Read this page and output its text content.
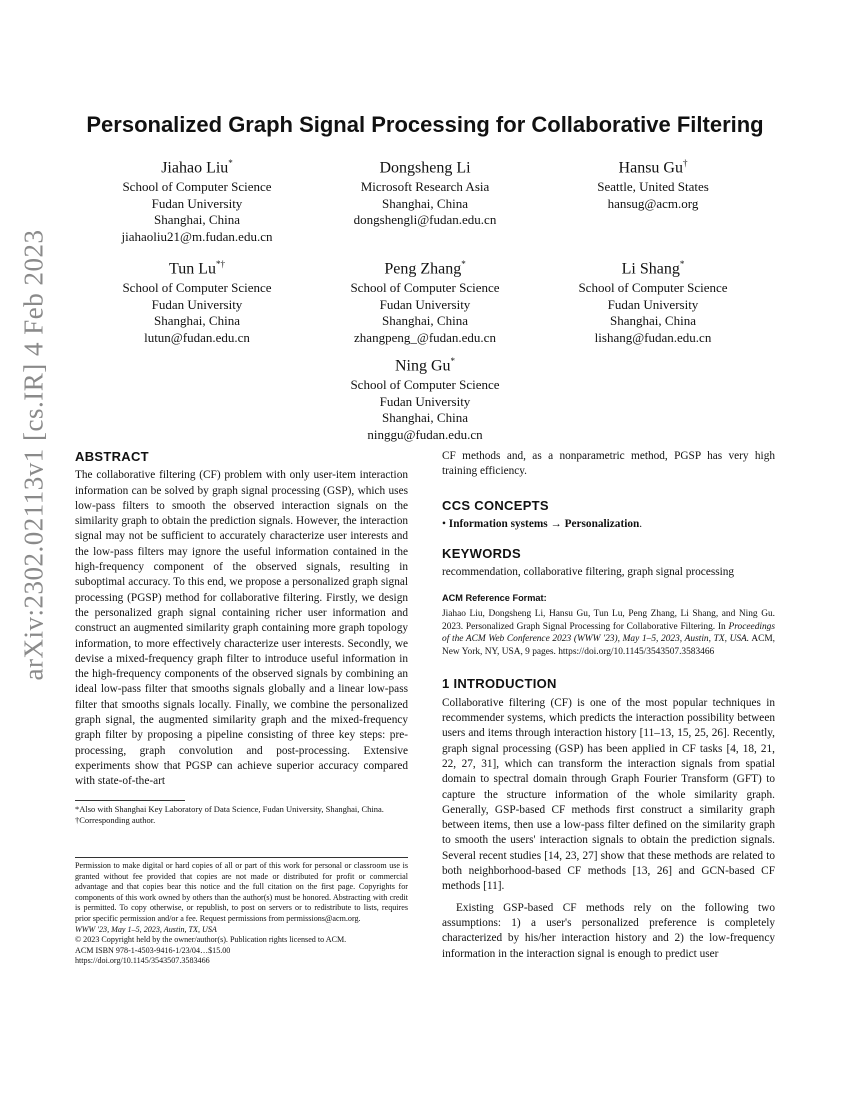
arXiv:2302.02113v1 [cs.IR] 4 Feb 2023
Personalized Graph Signal Processing for Collaborative Filtering
Jiahao Liu*
School of Computer Science
Fudan University
Shanghai, China
jiahaoliu21@m.fudan.edu.cn
Dongsheng Li
Microsoft Research Asia
Shanghai, China
dongshengli@fudan.edu.cn
Hansu Gu†
Seattle, United States
hansug@acm.org
Tun Lu*†
School of Computer Science
Fudan University
Shanghai, China
lutun@fudan.edu.cn
Peng Zhang*
School of Computer Science
Fudan University
Shanghai, China
zhangpeng_@fudan.edu.cn
Li Shang*
School of Computer Science
Fudan University
Shanghai, China
lishang@fudan.edu.cn
Ning Gu*
School of Computer Science
Fudan University
Shanghai, China
ninggu@fudan.edu.cn
ABSTRACT

The collaborative filtering (CF) problem with only user-item interaction information can be solved by graph signal processing (GSP), which uses low-pass filters to smooth the observed interaction signals on the similarity graph to obtain the prediction signals. However, the interaction signal may not be sufficient to accurately characterize user interests and the low-pass filters may ignore the useful information contained in the high-frequency component of the observed signals, resulting in suboptimal accuracy. To this end, we propose a personalized graph signal processing (PGSP) method for collaborative filtering. Firstly, we design the personalized graph signal containing richer user information and construct an augmented similarity graph containing more graph topology information, to more effectively characterize user interests. Secondly, we devise a mixed-frequency graph filter to introduce useful information in the high-frequency components of the observed signals by combining an ideal low-pass filter that smooths signals globally and a linear low-pass filter that smooths signals locally. Finally, we combine the personalized graph signal, the augmented similarity graph and the mixed-frequency graph filter by proposing a pipeline consisting of three key steps: pre-processing, graph convolution and post-processing. Extensive experiments show that PGSP can achieve superior accuracy compared with state-of-the-art

*Also with Shanghai Key Laboratory of Data Science, Fudan University, Shanghai, China.

†Corresponding author.

Permission to make digital or hard copies of all or part of this work for personal or classroom use is granted without fee provided that copies are not made or distributed for profit or commercial advantage and that copies bear this notice and the full citation on the first page. Copyrights for components of this work owned by others than the author(s) must be honored. Abstracting with credit is permitted. To copy otherwise, or republish, to post on servers or to redistribute to lists, requires prior specific permission and/or a fee. Request permissions from permissions@acm.org.

WWW '23, May 1–5, 2023, Austin, TX, USA

© 2023 Copyright held by the owner/author(s). Publication rights licensed to ACM.

ACM ISBN 978-1-4503-9416-1/23/04…$15.00

https://doi.org/10.1145/3543507.3583466

CF methods and, as a nonparametric method, PGSP has very high training efficiency.

CCS CONCEPTS

• Information systems → Personalization.

KEYWORDS

recommendation, collaborative filtering, graph signal processing

ACM Reference Format:

Jiahao Liu, Dongsheng Li, Hansu Gu, Tun Lu, Peng Zhang, Li Shang, and Ning Gu. 2023. Personalized Graph Signal Processing for Collaborative Filtering. In Proceedings of the ACM Web Conference 2023 (WWW '23), May 1–5, 2023, Austin, TX, USA. ACM, New York, NY, USA, 9 pages. https://doi.org/10.1145/3543507.3583466

1 INTRODUCTION

Collaborative filtering (CF) is one of the most popular techniques in recommender systems, which predicts the interaction possibility between users and items through interaction history [11–13, 15, 25, 26]. Recently, graph signal processing (GSP) has been applied in CF tasks [4, 18, 21, 22, 27, 31], which can transform the interaction signals from spatial domain to spectral domain through Graph Fourier Transform (GFT) to capture the structure information of the whole similarity graph. Generally, GSP-based CF methods first construct a similarity graph between items, then use a low-pass filter defined on the similarity graph to smooth the users' interaction signals to obtain the prediction signals. Several recent studies [14, 23, 27] show that these methods are related to both neighborhood-based CF methods [13, 26] and GCN-based CF methods [11].

Existing GSP-based CF methods rely on the following two assumptions: 1) a user's personalized preference is completely characterized by his/her interaction history and 2) the low-frequency information in the interaction signal is enough to predict user
